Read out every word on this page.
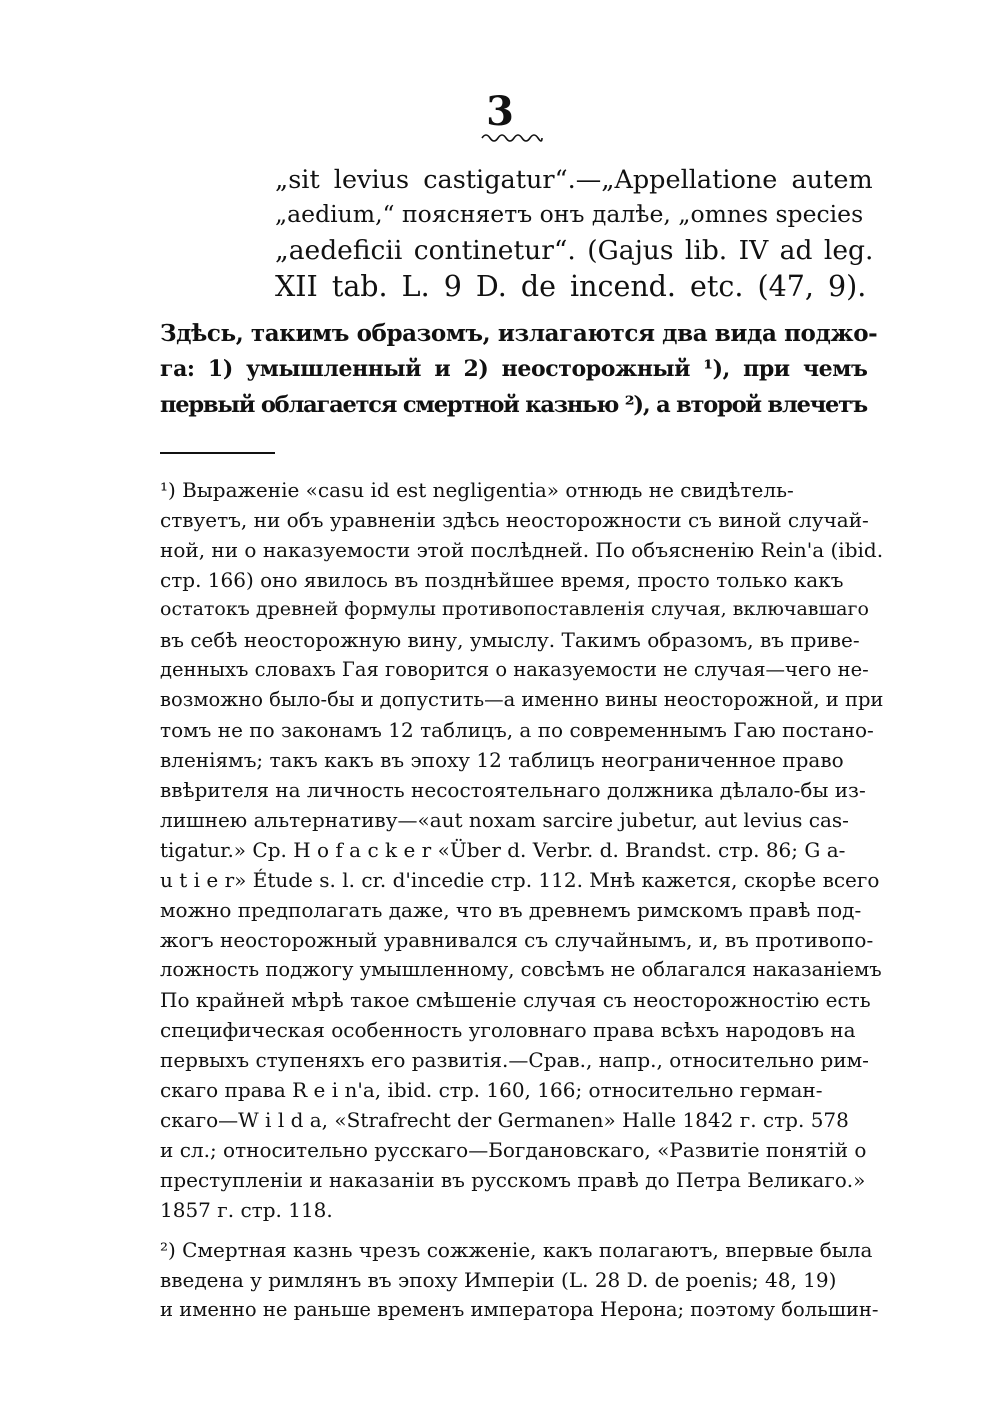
3
„sit levius castigatur“.—„Appellatione autem
„aedium,“ поясняетъ онъ далѣе, „omnes species
„aedeficii continetur“. (Gajus lib. IV ad leg.
XII tab. L. 9 D. de incend. etc. (47, 9).
Здѣсь, такимъ образомъ, излагаются два вида поджо-
га: 1) умышленный и 2) неосторожный ¹), при чемъ
первый облагается смертной казнью ²), а второй влечетъ
¹) Выраженіе «casu id est negligentia» отнюдь не свидѣтель-
ствуетъ, ни объ уравненіи здѣсь неосторожности съ виной случай-
ной, ни о наказуемости этой послѣдней. По объясненію Rein'a (ibid.
стр. 166) оно явилось въ позднѣйшее время, просто только какъ
остатокъ древней формулы противопоставленія случая, включавшаго
въ себѣ неосторожную вину, умыслу. Такимъ образомъ, въ приве-
денныхъ словахъ Гая говорится о наказуемости не случая—чего не-
возможно было-бы и допустить—а именно вины неосторожной, и при
томъ не по законамъ 12 таблицъ, а по современнымъ Гаю постано-
вленіямъ; такъ какъ въ эпоху 12 таблицъ неограниченное право
ввѣрителя на личность несостоятельнаго должника дѣлало-бы из-
лишнею альтернативу—«aut noxam sarcire jubetur, aut levius cas-
tigatur.» Ср. H o f a c k e r «Über d. Verbr. d. Brandst. стр. 86; G a-
u t i e r» Étude s. l. cr. d'incedie стр. 112. Мнѣ кажется, скорѣе всего
можно предполагать даже, что въ древнемъ римскомъ правѣ под-
жогъ неосторожный уравнивался съ случайнымъ, и, въ противопо-
ложность поджогу умышленному, совсѣмъ не облагался наказаніемъ
По крайней мѣрѣ такое смѣшеніе случая съ неосторожностію есть
специфическая особенность уголовнаго права всѣхъ народовъ на
первыхъ ступеняхъ его развитія.—Срав., напр., относительно рим-
скаго права R e i n'a, ibid. стр. 160, 166; относительно герман-
скаго—W i l d a, «Strafrecht der Germanen» Halle 1842 г. стр. 578
и сл.; относительно русскаго—Богдановскаго, «Развитіе понятій о
преступленіи и наказаніи въ русскомъ правѣ до Петра Великаго.»
1857 г. стр. 118.
²) Смертная казнь чрезъ сожженіе, какъ полагаютъ, впервые была
введена у римлянъ въ эпоху Имперіи (L. 28 D. de poenis; 48, 19)
и именно не раньше временъ императора Нерона; поэтому большин-
